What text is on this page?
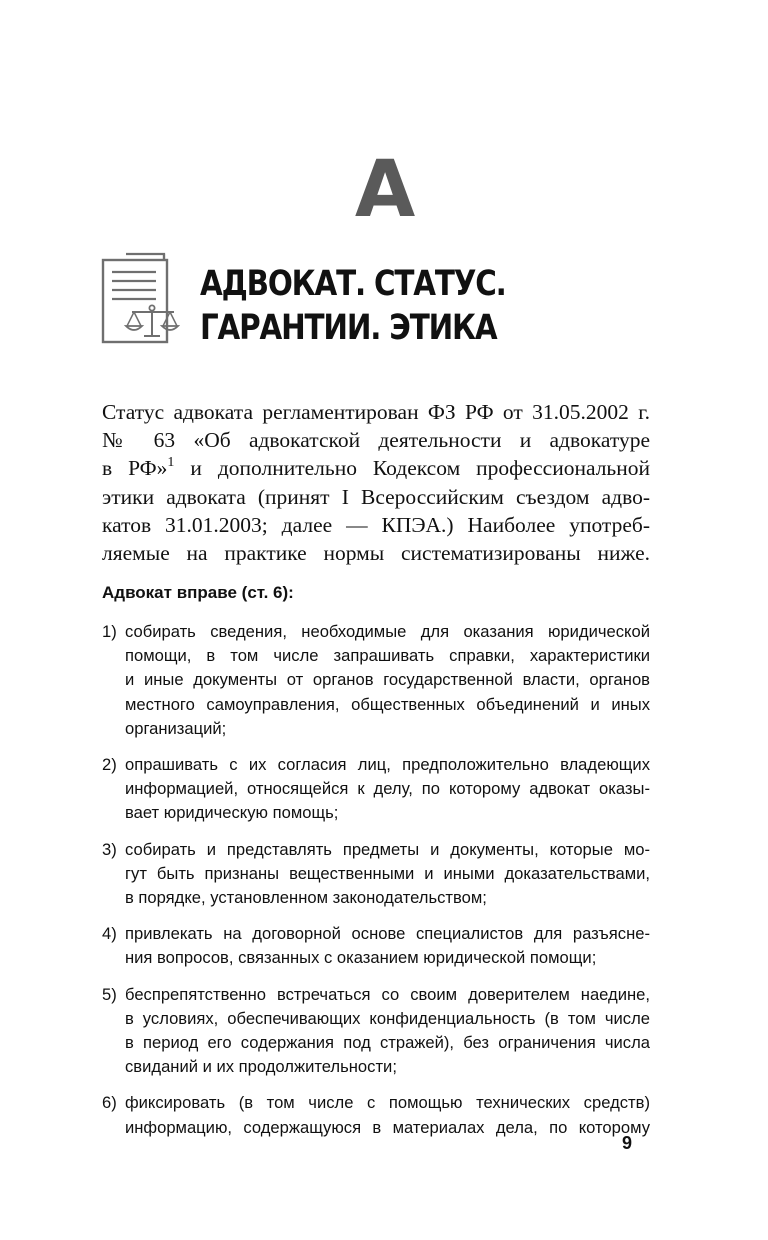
А
АДВОКАТ. СТАТУС.
ГАРАНТИИ. ЭТИКА
Статус адвоката регламентирован ФЗ РФ от 31.05.2002 г.
№ 63 «Об адвокатской деятельности и адвокатуре
в РФ»$^1$ и дополнительно Кодексом профессиональной
этики адвоката (принят I Всероссийским съездом адво-
катов 31.01.2003; далее — КПЭА.) Наиболее употреб-
ляемые на практике нормы систематизированы ниже.
Адвокат вправе (ст. 6):
1) собирать сведения, необходимые для оказания юридической
помощи, в том числе запрашивать справки, характеристики
и иные документы от органов государственной власти, органов
местного самоуправления, общественных объединений и иных
организаций;
2) опрашивать с их согласия лиц, предположительно владеющих
информацией, относящейся к делу, по которому адвокат оказы-
вает юридическую помощь;
3) собирать и представлять предметы и документы, которые мо-
гут быть признаны вещественными и иными доказательствами,
в порядке, установленном законодательством;
4) привлекать на договорной основе специалистов для разъясне-
ния вопросов, связанных с оказанием юридической помощи;
5) беспрепятственно встречаться со своим доверителем наедине,
в условиях, обеспечивающих конфиденциальность (в том числе
в период его содержания под стражей), без ограничения числа
свиданий и их продолжительности;
6) фиксировать (в том числе с помощью технических средств)
информацию, содержащуюся в материалах дела, по которому
9
